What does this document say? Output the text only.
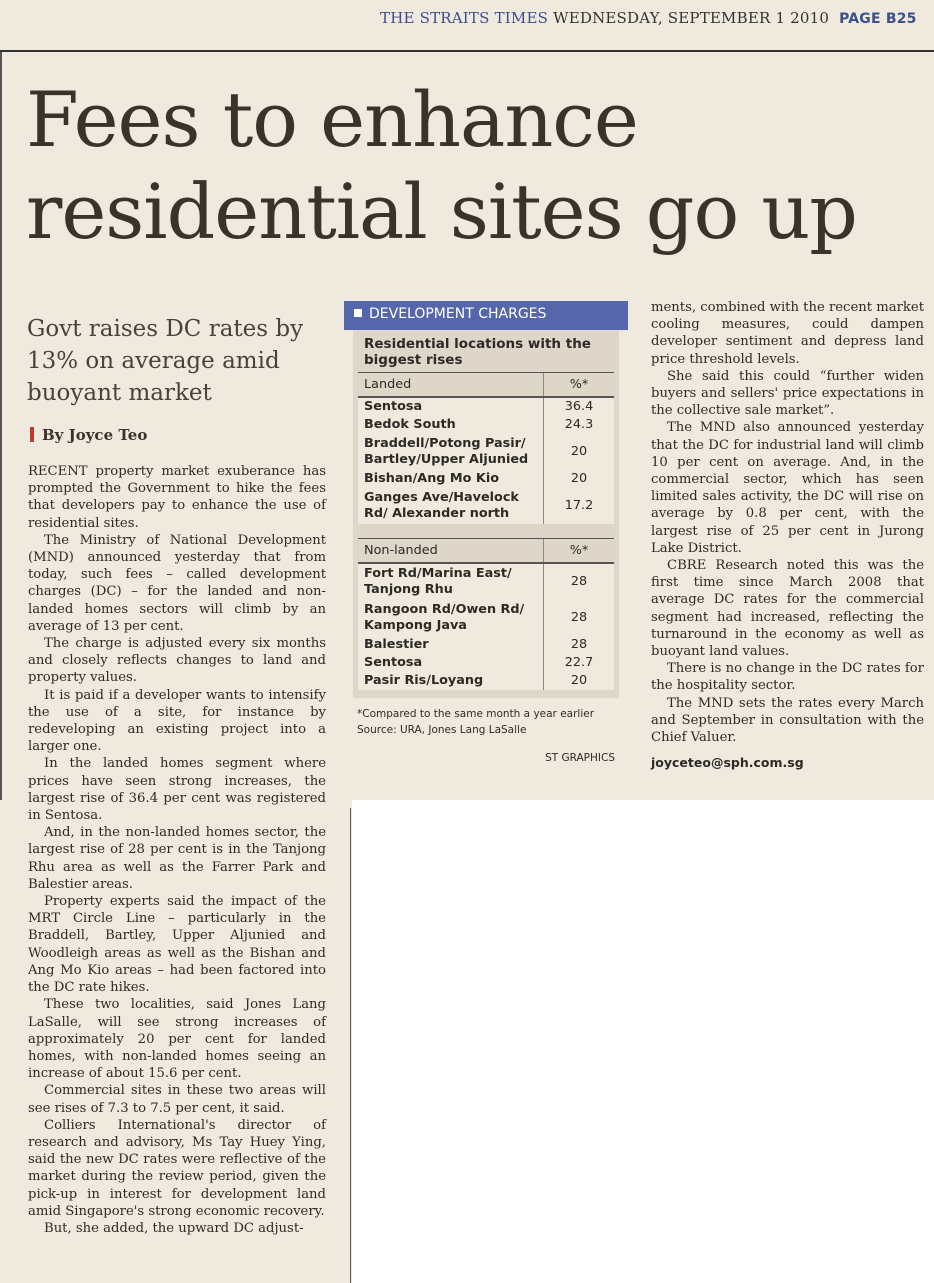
THE STRAITS TIMES WEDNESDAY, SEPTEMBER 1 2010 PAGE B25
Fees to enhance
residential sites go up
Govt raises DC rates by 13% on average amid buoyant market
By Joyce Teo

RECENT property market exuberance has prompted the Government to hike the fees that developers pay to enhance the use of residential sites.

The Ministry of National Development (MND) announced yesterday that from today, such fees – called development charges (DC) – for the landed and non-landed homes sectors will climb by an average of 13 per cent.

The charge is adjusted every six months and closely reflects changes to land and property values.

It is paid if a developer wants to intensify the use of a site, for instance by redeveloping an existing project into a larger one.

In the landed homes segment where prices have seen strong increases, the largest rise of 36.4 per cent was registered in Sentosa.

And, in the non-landed homes sector, the largest rise of 28 per cent is in the Tanjong Rhu area as well as the Farrer Park and Balestier areas.

Property experts said the impact of the MRT Circle Line – particularly in the Braddell, Bartley, Upper Aljunied and Woodleigh areas as well as the Bishan and Ang Mo Kio areas – had been factored into the DC rate hikes.

These two localities, said Jones Lang LaSalle, will see strong increases of approximately 20 per cent for landed homes, with non-landed homes seeing an increase of about 15.6 per cent.

Commercial sites in these two areas will see rises of 7.3 to 7.5 per cent, it said.

Colliers International's director of research and advisory, Ms Tay Huey Ying, said the new DC rates were reflective of the market during the review period, given the pick-up in interest for development land amid Singapore's strong economic recovery.

But, she added, the upward DC adjust-

DEVELOPMENT CHARGES
Residential locations with the biggest rises
Landed	%*
Sentosa	36.4
Bedok South	24.3
Braddell/Potong Pasir/ Bartley/Upper Aljunied	20
Bishan/Ang Mo Kio	20
Ganges Ave/Havelock Rd/ Alexander north	17.2

Non-landed	%*
Fort Rd/Marina East/ Tanjong Rhu	28
Rangoon Rd/Owen Rd/ Kampong Java	28
Balestier	28
Sentosa	22.7
Pasir Ris/Loyang	20
*Compared to the same month a year earlier
Source: URA, Jones Lang LaSalle
ST GRAPHICS

ments, combined with the recent market cooling measures, could dampen developer sentiment and depress land price threshold levels.

She said this could “further widen buyers and sellers' price expectations in the collective sale market”.

The MND also announced yesterday that the DC for industrial land will climb 10 per cent on average. And, in the commercial sector, which has seen limited sales activity, the DC will rise on average by 0.8 per cent, with the largest rise of 25 per cent in Jurong Lake District.

CBRE Research noted this was the first time since March 2008 that average DC rates for the commercial segment had increased, reflecting the turnaround in the economy as well as buoyant land values.

There is no change in the DC rates for the hospitality sector.

The MND sets the rates every March and September in consultation with the Chief Valuer.

joyceteo@sph.com.sg
